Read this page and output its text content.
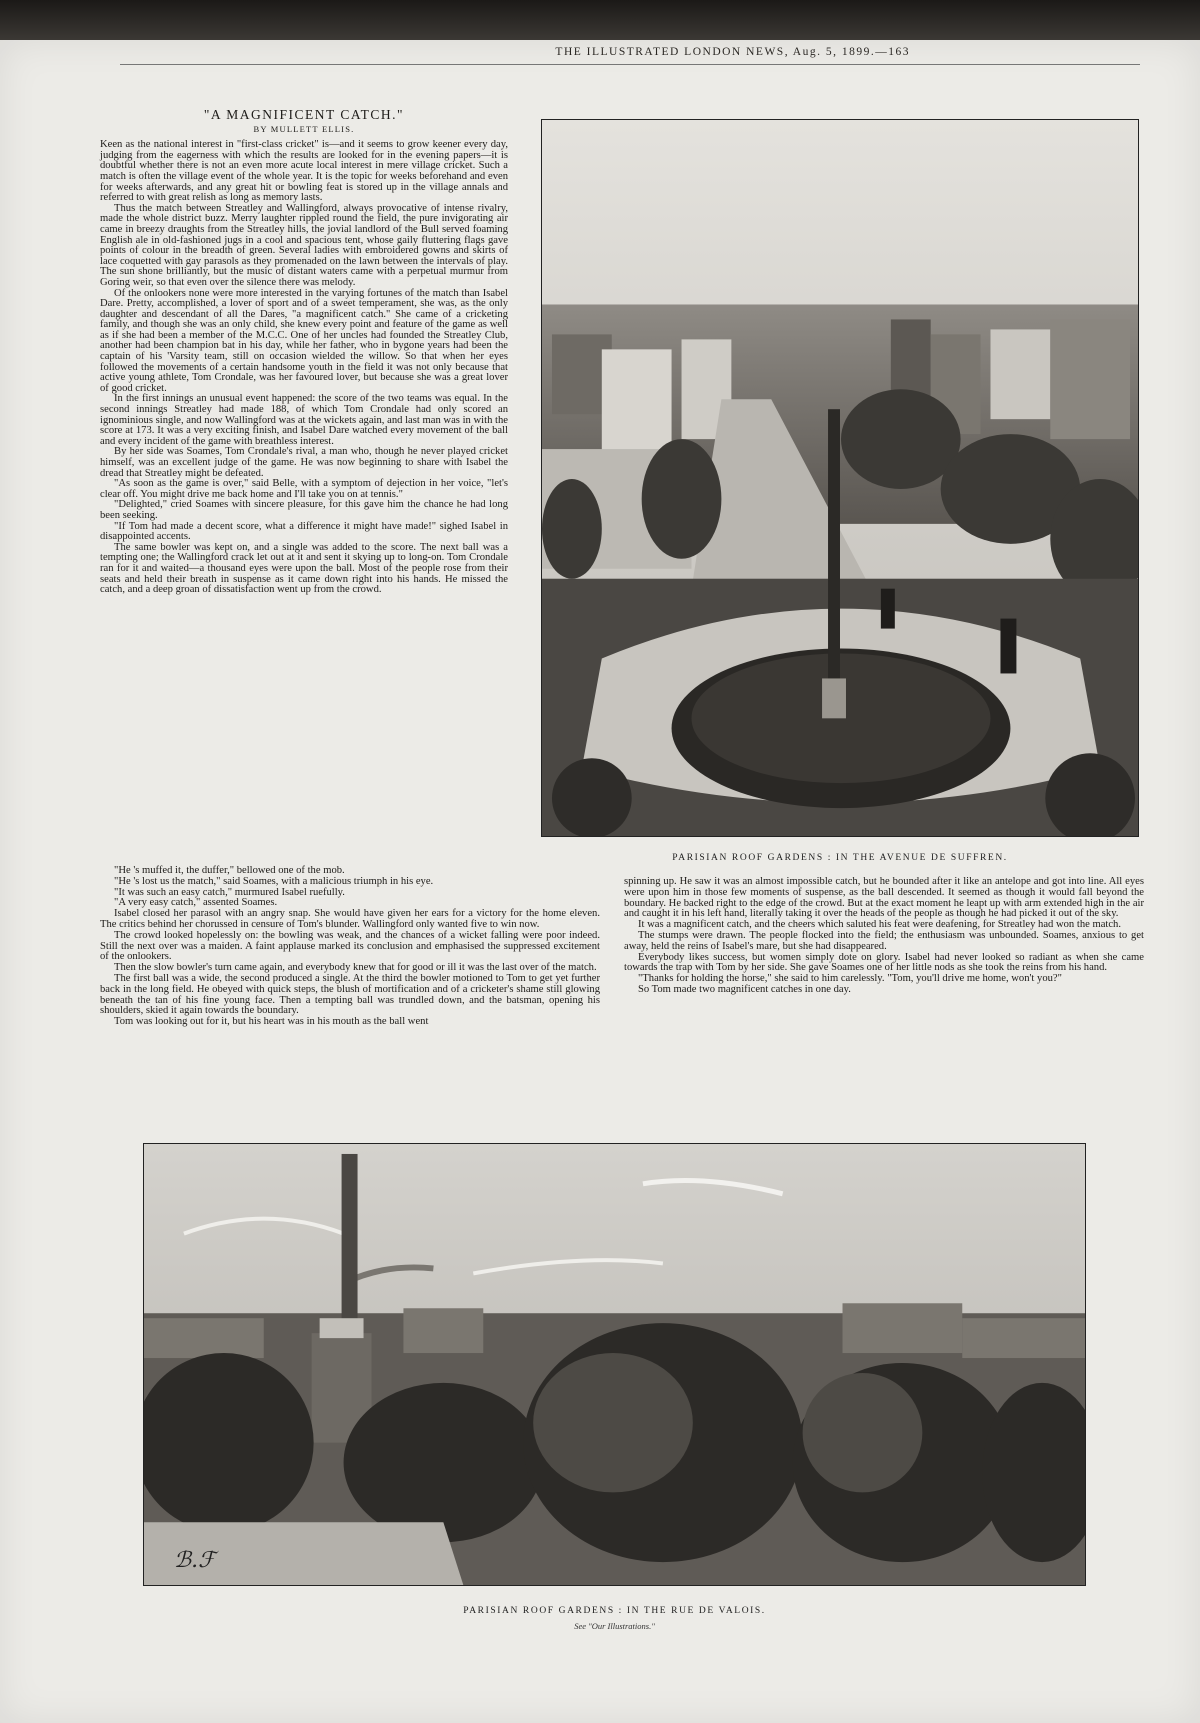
THE ILLUSTRATED LONDON NEWS, Aug. 5, 1899.—163
"A MAGNIFICENT CATCH."
BY MULLETT ELLIS.

Keen as the national interest in "first-class cricket" is—and it seems to grow keener every day, judging from the eagerness with which the results are looked for in the evening papers—it is doubtful whether there is not an even more acute local interest in mere village cricket. Such a match is often the village event of the whole year. It is the topic for weeks beforehand and even for weeks afterwards, and any great hit or bowling feat is stored up in the village annals and referred to with great relish as long as memory lasts.

Thus the match between Streatley and Wallingford, always provocative of intense rivalry, made the whole district buzz. Merry laughter rippled round the field, the pure invigorating air came in breezy draughts from the Streatley hills, the jovial landlord of the Bull served foaming English ale in old-fashioned jugs in a cool and spacious tent, whose gaily fluttering flags gave points of colour in the breadth of green. Several ladies with embroidered gowns and skirts of lace coquetted with gay parasols as they promenaded on the lawn between the intervals of play. The sun shone brilliantly, but the music of distant waters came with a perpetual murmur from Goring weir, so that even over the silence there was melody.

Of the onlookers none were more interested in the varying fortunes of the match than Isabel Dare. Pretty, accomplished, a lover of sport and of a sweet temperament, she was, as the only daughter and descendant of all the Dares, "a magnificent catch." She came of a cricketing family, and though she was an only child, she knew every point and feature of the game as well as if she had been a member of the M.C.C. One of her uncles had founded the Streatley Club, another had been champion bat in his day, while her father, who in bygone years had been the captain of his 'Varsity team, still on occasion wielded the willow. So that when her eyes followed the movements of a certain handsome youth in the field it was not only because that active young athlete, Tom Crondale, was her favoured lover, but because she was a great lover of good cricket.

In the first innings an unusual event happened: the score of the two teams was equal. In the second innings Streatley had made 188, of which Tom Crondale had only scored an ignominious single, and now Wallingford was at the wickets again, and last man was in with the score at 173. It was a very exciting finish, and Isabel Dare watched every movement of the ball and every incident of the game with breathless interest.

By her side was Soames, Tom Crondale's rival, a man who, though he never played cricket himself, was an excellent judge of the game. He was now beginning to share with Isabel the dread that Streatley might be defeated.

"As soon as the game is over," said Belle, with a symptom of dejection in her voice, "let's clear off. You might drive me back home and I'll take you on at tennis."

"Delighted," cried Soames with sincere pleasure, for this gave him the chance he had long been seeking.

"If Tom had made a decent score, what a difference it might have made!" sighed Isabel in disappointed accents.

The same bowler was kept on, and a single was added to the score. The next ball was a tempting one; the Wallingford crack let out at it and sent it skying up to long-on. Tom Crondale ran for it and waited—a thousand eyes were upon the ball. Most of the people rose from their seats and held their breath in suspense as it came down right into his hands. He missed the catch, and a deep groan of dissatisfaction went up from the crowd.

"He 's muffed it, the duffer," bellowed one of the mob.

"He 's lost us the match," said Soames, with a malicious triumph in his eye.

"It was such an easy catch," murmured Isabel ruefully.

"A very easy catch," assented Soames.

Isabel closed her parasol with an angry snap. She would have given her ears for a victory for the home eleven. The critics behind her chorussed in censure of Tom's blunder. Wallingford only wanted five to win now.

The crowd looked hopelessly on: the bowling was weak, and the chances of a wicket falling were poor indeed. Still the next over was a maiden. A faint applause marked its conclusion and emphasised the suppressed excitement of the onlookers.

Then the slow bowler's turn came again, and everybody knew that for good or ill it was the last over of the match.

The first ball was a wide, the second produced a single. At the third the bowler motioned to Tom to get yet further back in the long field. He obeyed with quick steps, the blush of mortification and of a cricketer's shame still glowing beneath the tan of his fine young face. Then a tempting ball was trundled down, and the batsman, opening his shoulders, skied it again towards the boundary.

Tom was looking out for it, but his heart was in his mouth as the ball went

spinning up. He saw it was an almost impossible catch, but he bounded after it like an antelope and got into line. All eyes were upon him in those few moments of suspense, as the ball descended. It seemed as though it would fall beyond the boundary. He backed right to the edge of the crowd. But at the exact moment he leapt up with arm extended high in the air and caught it in his left hand, literally taking it over the heads of the people as though he had picked it out of the sky.

It was a magnificent catch, and the cheers which saluted his feat were deafening, for Streatley had won the match.

The stumps were drawn. The people flocked into the field; the enthusiasm was unbounded. Soames, anxious to get away, held the reins of Isabel's mare, but she had disappeared.

Everybody likes success, but women simply dote on glory. Isabel had never looked so radiant as when she came towards the trap with Tom by her side. She gave Soames one of her little nods as she took the reins from his hand.

"Thanks for holding the horse," she said to him carelessly. "Tom, you'll drive me home, won't you?"

So Tom made two magnificent catches in one day.

PARISIAN ROOF GARDENS : IN THE AVENUE DE SUFFREN.
ℬ.ℱ
PARISIAN ROOF GARDENS : IN THE RUE DE VALOIS.
See "Our Illustrations."
